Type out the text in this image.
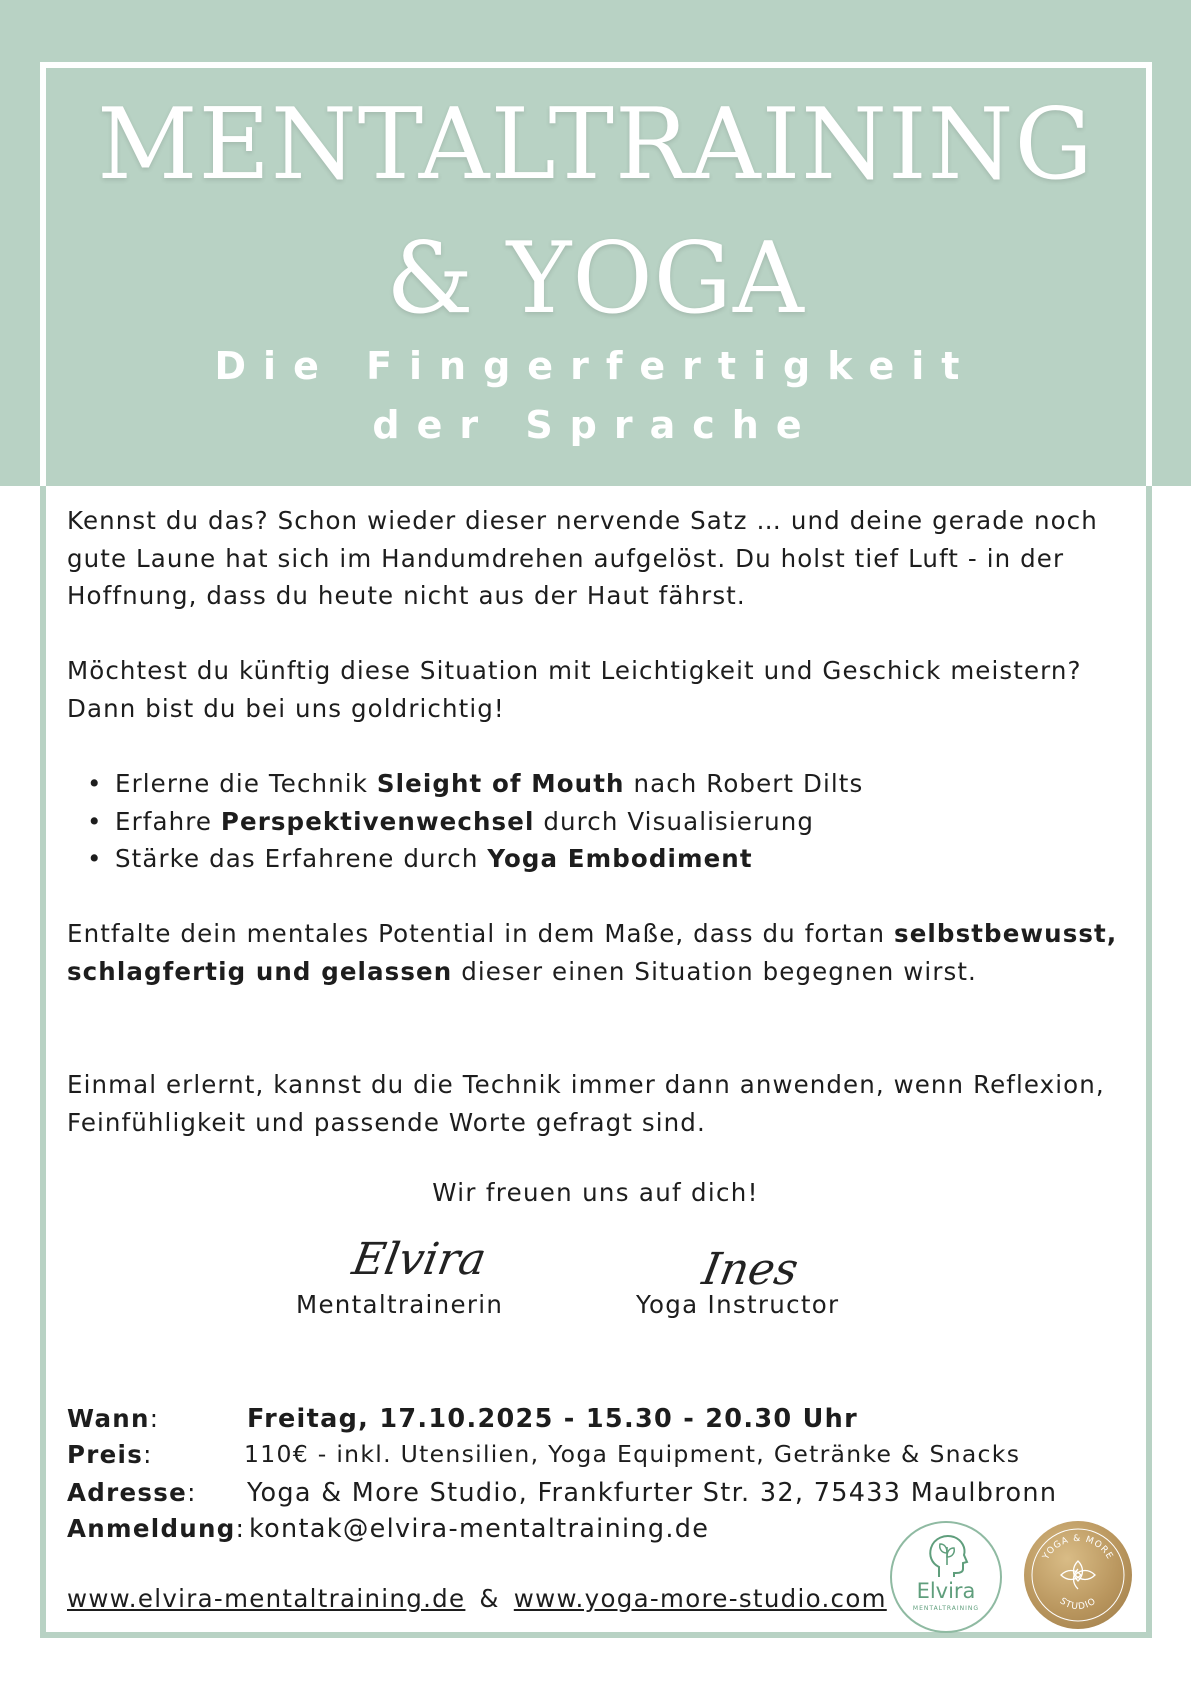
MENTALTRAINING
& YOGA
Die Fingerfertigkeit
der Sprache
Kennst du das? Schon wieder dieser nervende Satz … und deine gerade noch gute Laune hat sich im Handumdrehen aufgelöst. Du holst tief Luft - in der Hoffnung, dass du heute nicht aus der Haut fährst.
Möchtest du künftig diese Situation mit Leichtigkeit und Geschick meistern? Dann bist du bei uns goldrichtig!
• Erlerne die Technik Sleight of Mouth nach Robert Dilts
• Erfahre Perspektivenwechsel durch Visualisierung
• Stärke das Erfahrene durch Yoga Embodiment
Entfalte dein mentales Potential in dem Maße, dass du fortan selbstbewusst, schlagfertig und gelassen dieser einen Situation begegnen wirst.
Einmal erlernt, kannst du die Technik immer dann anwenden, wenn Reflexion, Feinfühligkeit und passende Worte gefragt sind.
Wir freuen uns auf dich!
Elvira	Ines
Mentaltrainerin	Yoga Instructor
Wann:	Freitag, 17.10.2025 - 15.30 - 20.30 Uhr
Preis:	110€ - inkl. Utensilien, Yoga Equipment, Getränke & Snacks
Adresse: Yoga & More Studio, Frankfurter Str. 32, 75433 Maulbronn
Anmeldung: kontak@elvira-mentaltraining.de
www.elvira-mentaltraining.de & www.yoga-more-studio.com	Elvira
MENTALTRAINING
YOGA & MORE
STUDIO
